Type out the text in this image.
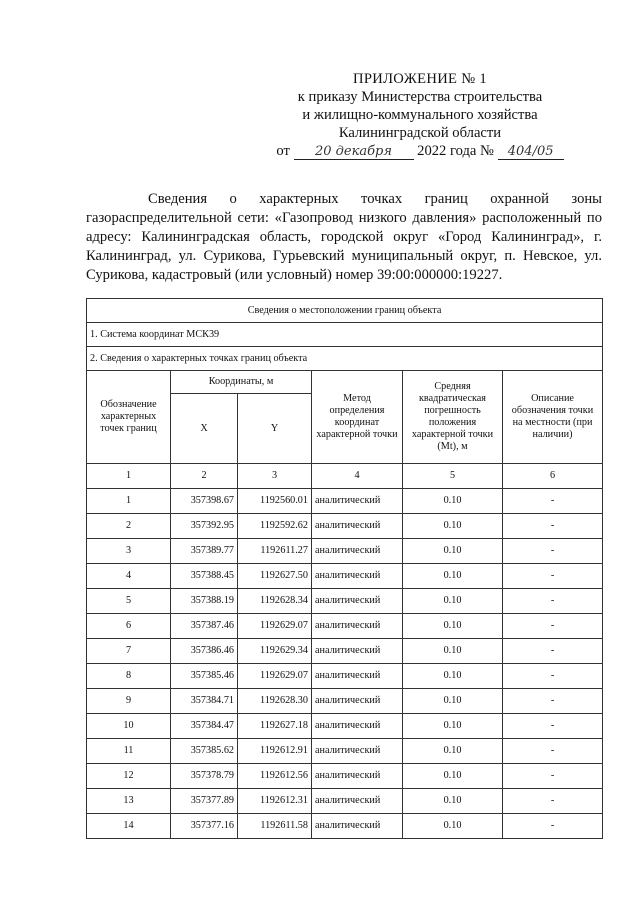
ПРИЛОЖЕНИЕ № 1
к приказу Министерства строительства
и жилищно-коммунального хозяйства
Калининградской области
от 20 декабря 2022 года № 404/05
Сведения о характерных точках границ охранной зоны газораспределительной сети: «Газопровод низкого давления» расположенный по адресу: Калининградская область, городской округ «Город Калининград», г. Калининград, ул. Сурикова, Гурьевский муниципальный округ, п. Невское, ул. Сурикова, кадастровый (или условный) номер 39:00:000000:19227.
Сведения о местоположении границ объекта					
1. Система координат МСК39					
2. Сведения о характерных точках границ объекта					
Обозначение характерных точек границ	Координаты, м		Метод определения координат характерной точки	Средняя квадратическая погрешность положения характерной точки (Mt), м	Описание обозначения точки на местности (при наличии)
	X	Y			
1	2	3	4	5	6
1	357398.67	1192560.01	аналитический	0.10	-
2	357392.95	1192592.62	аналитический	0.10	-
3	357389.77	1192611.27	аналитический	0.10	-
4	357388.45	1192627.50	аналитический	0.10	-
5	357388.19	1192628.34	аналитический	0.10	-
6	357387.46	1192629.07	аналитический	0.10	-
7	357386.46	1192629.34	аналитический	0.10	-
8	357385.46	1192629.07	аналитический	0.10	-
9	357384.71	1192628.30	аналитический	0.10	-
10	357384.47	1192627.18	аналитический	0.10	-
11	357385.62	1192612.91	аналитический	0.10	-
12	357378.79	1192612.56	аналитический	0.10	-
13	357377.89	1192612.31	аналитический	0.10	-
14	357377.16	1192611.58	аналитический	0.10	-
